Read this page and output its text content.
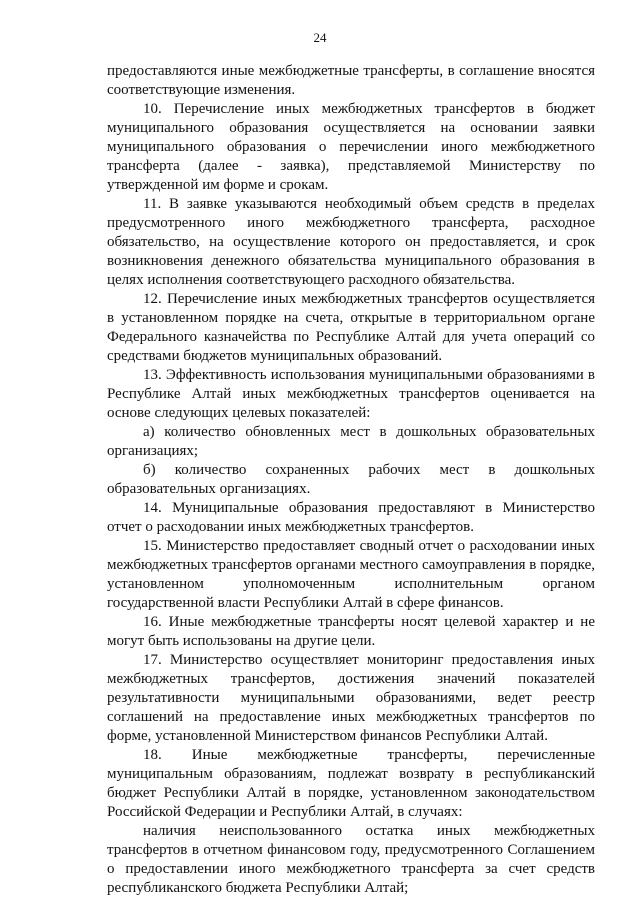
24

предоставляются иные межбюджетные трансферты, в соглашение вносятся соответствующие изменения.

10. Перечисление иных межбюджетных трансфертов в бюджет муниципального образования осуществляется на основании заявки муниципального образования о перечислении иного межбюджетного трансферта (далее - заявка), представляемой Министерству по утвержденной им форме и срокам.

11. В заявке указываются необходимый объем средств в пределах предусмотренного иного межбюджетного трансферта, расходное обязательство, на осуществление которого он предоставляется, и срок возникновения денежного обязательства муниципального образования в целях исполнения соответствующего расходного обязательства.

12. Перечисление иных межбюджетных трансфертов осуществляется в установленном порядке на счета, открытые в территориальном органе Федерального казначейства по Республике Алтай для учета операций со средствами бюджетов муниципальных образований.

13. Эффективность использования муниципальными образованиями в Республике Алтай иных межбюджетных трансфертов оценивается на основе следующих целевых показателей:

а) количество обновленных мест в дошкольных образовательных организациях;

б) количество сохраненных рабочих мест в дошкольных образовательных организациях.

14. Муниципальные образования предоставляют в Министерство отчет о расходовании иных межбюджетных трансфертов.

15. Министерство предоставляет сводный отчет о расходовании иных межбюджетных трансфертов органами местного самоуправления в порядке, установленном уполномоченным исполнительным органом государственной власти Республики Алтай в сфере финансов.

16. Иные межбюджетные трансферты носят целевой характер и не могут быть использованы на другие цели.

17. Министерство осуществляет мониторинг предоставления иных межбюджетных трансфертов, достижения значений показателей результативности муниципальными образованиями, ведет реестр соглашений на предоставление иных межбюджетных трансфертов по форме, установленной Министерством финансов Республики Алтай.

18. Иные межбюджетные трансферты, перечисленные муниципальным образованиям, подлежат возврату в республиканский бюджет Республики Алтай в порядке, установленном законодательством Российской Федерации и Республики Алтай, в случаях:

наличия неиспользованного остатка иных межбюджетных трансфертов в отчетном финансовом году, предусмотренного Соглашением о предоставлении иного межбюджетного трансферта за счет средств республиканского бюджета Республики Алтай;
